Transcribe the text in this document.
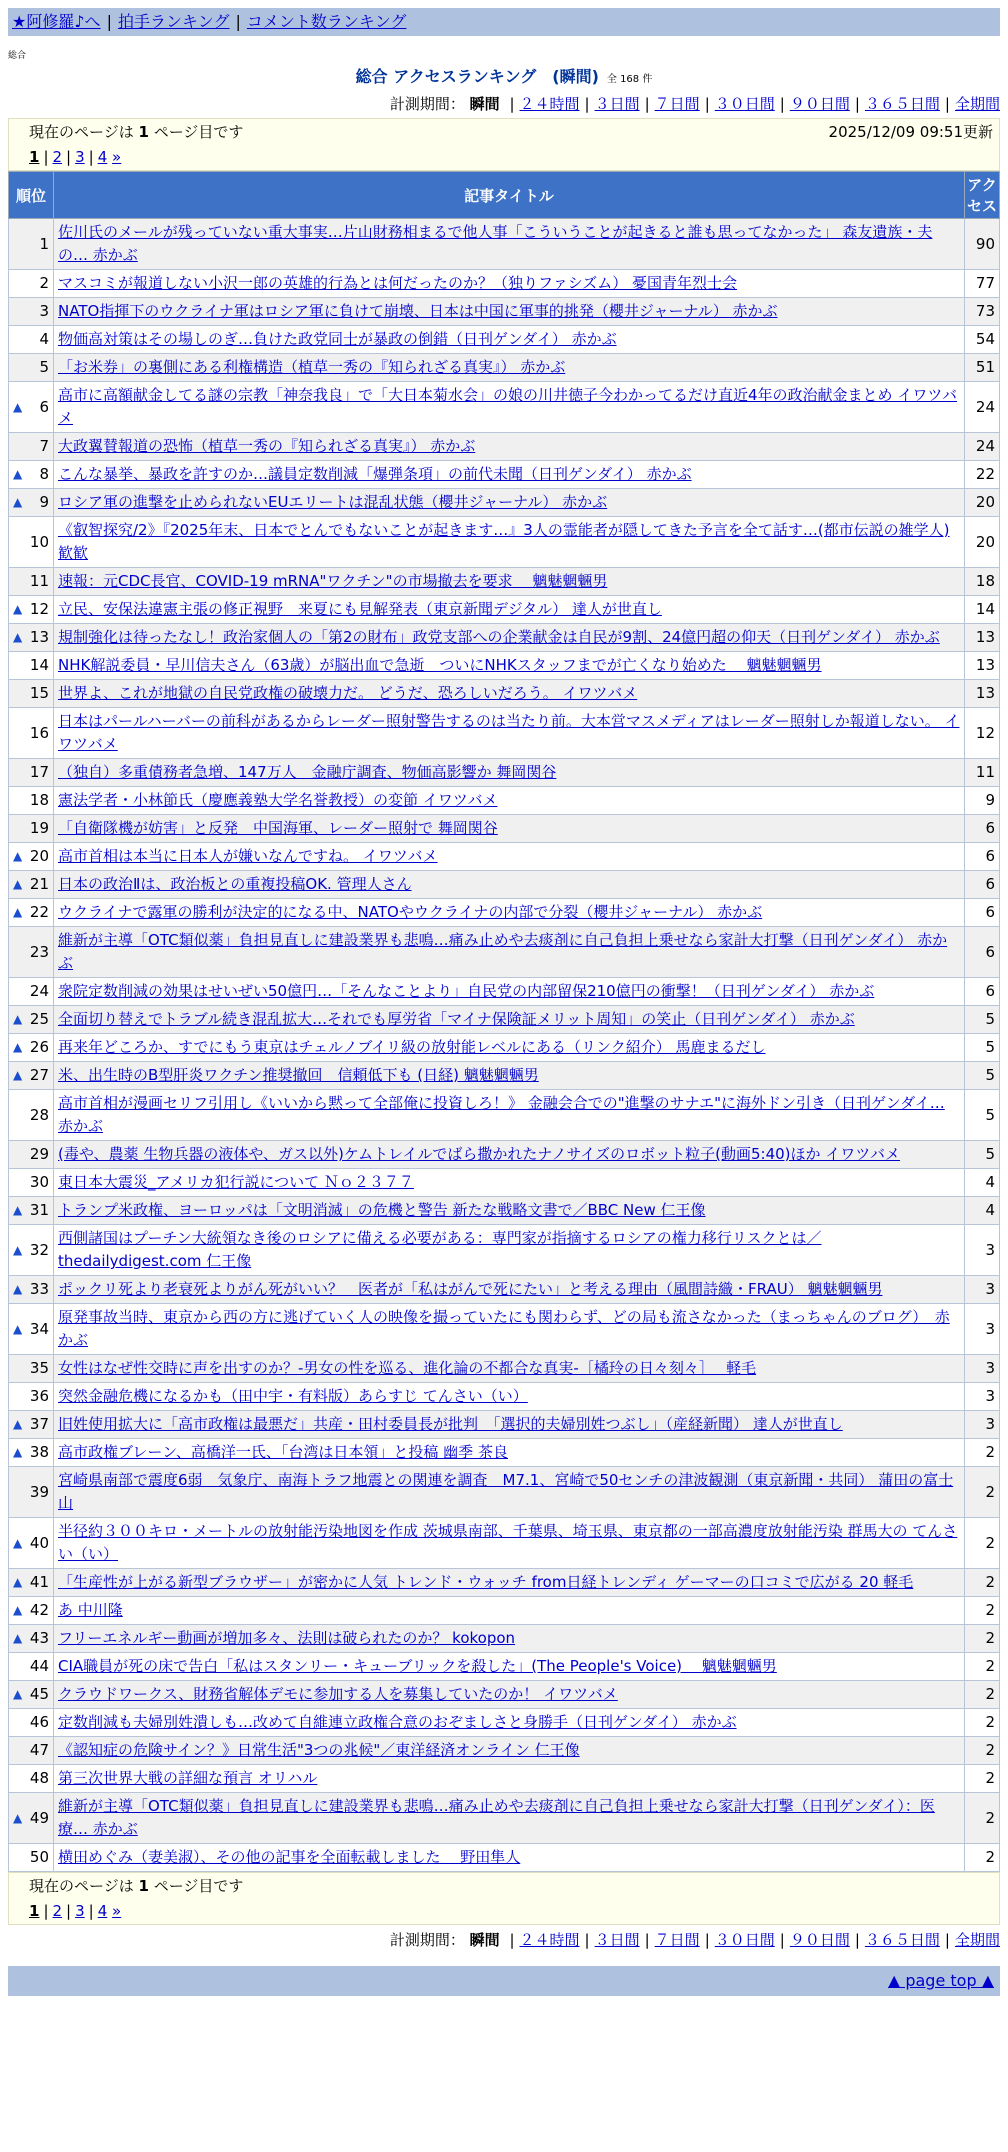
★阿修羅♪へ | 拍手ランキング | コメント数ランキング
総合
総合 アクセスランキング　(瞬間) 全 168 件
計測期間： 瞬間 | ２４時間 | ３日間 | ７日間 | ３０日間 | ９０日間 | ３６５日間 | 全期間
現在のページは 1 ページ目です	2025/12/09 09:51更新
1 | 2 | 3 | 4 »
順位	記事タイトル	アクセス
1	佐川氏のメールが残っていない重大事実…片山財務相まるで他人事「こういうことが起きると誰も思ってなかった」 森友遺族・夫の… 赤かぶ	90
2	マスコミが報道しない小沢一郎の英雄的行為とは何だったのか？（独りファシズム） 憂国青年烈士会	77
3	NATO指揮下のウクライナ軍はロシア軍に負けて崩壊、日本は中国に軍事的挑発（櫻井ジャーナル） 赤かぶ	73
4	物価高対策はその場しのぎ…負けた政党同士が暴政の倒錯（日刊ゲンダイ） 赤かぶ	54
5	「お米券」の裏側にある利権構造（植草一秀の『知られざる真実』） 赤かぶ	51

▲ 6	高市に高額献金してる謎の宗教「神奈我良」で「大日本菊水会」の娘の川井徳子今わかってるだけ直近4年の政治献金まとめ イワツバメ	24
7	大政翼賛報道の恐怖（植草一秀の『知られざる真実』） 赤かぶ	24

▲ 8	こんな暴挙、暴政を許すのか…議員定数削減「爆弾条項」の前代未聞（日刊ゲンダイ） 赤かぶ	22

▲ 9	ロシア軍の進撃を止められないEUエリートは混乱状態（櫻井ジャーナル） 赤かぶ	20
10	《叡智探究/2》『2025年末、日本でとんでもないことが起きます…』3人の霊能者が隠してきた予言を全て話す…(都市伝説の雑学人) 歓歓	20
11	速報：元CDC長官、COVID-19 mRNA"ワクチン"の市場撤去を要求　 魑魅魍魎男	18

▲ 12	立民、安保法違憲主張の修正視野　来夏にも見解発表（東京新聞デジタル） 達人が世直し	14

▲ 13	規制強化は待ったなし！政治家個人の「第2の財布」政党支部への企業献金は自民が9割、24億円超の仰天（日刊ゲンダイ） 赤かぶ	13
14	NHK解説委員・早川信夫さん（63歳）が脳出血で急逝　ついにNHKスタッフまでが亡くなり始めた　 魑魅魍魎男	13
15	世界よ、これが地獄の自民党政権の破壊力だ。 どうだ、恐ろしいだろう。 イワツバメ	13
16	日本はパールハーバーの前科があるからレーダー照射警告するのは当たり前。大本営マスメディアはレーダー照射しか報道しない。 イワツバメ	12
17	（独自）多重債務者急増、147万人　金融庁調査、物価高影響か 舞岡関谷	11
18	憲法学者・小林節氏（慶應義塾大学名誉教授）の変節 イワツバメ	9
19	「自衛隊機が妨害」と反発　中国海軍、レーダー照射で 舞岡関谷	6

▲ 20	高市首相は本当に日本人が嫌いなんですね。 イワツバメ	6

▲ 21	日本の政治Ⅱは、政治板との重複投稿OK. 管理人さん	6

▲ 22	ウクライナで露軍の勝利が決定的になる中、NATOやウクライナの内部で分裂（櫻井ジャーナル） 赤かぶ	6
23	維新が主導「OTC類似薬」負担見直しに建設業界も悲鳴…痛み止めや去痰剤に自己負担上乗せなら家計大打撃（日刊ゲンダイ） 赤かぶ	6
24	衆院定数削減の効果はせいぜい50億円…「そんなことより」自民党の内部留保210億円の衝撃！（日刊ゲンダイ） 赤かぶ	6

▲ 25	全面切り替えでトラブル続き混乱拡大…それでも厚労省「マイナ保険証メリット周知」の笑止（日刊ゲンダイ） 赤かぶ	5

▲ 26	再来年どころか、すでにもう東京はチェルノブイリ級の放射能レベルにある（リンク紹介） 馬鹿まるだし	5

▲ 27	米、出生時のB型肝炎ワクチン推奨撤回　信頼低下も (日経) 魑魅魍魎男	5
28	高市首相が漫画セリフ引用し《いいから黙って全部俺に投資しろ！》 金融会合での"進撃のサナエ"に海外ドン引き（日刊ゲンダイ… 赤かぶ	5
29	(毒や、農薬 生物兵器の液体や、ガス以外)ケムトレイルでばら撒かれたナノサイズのロボット粒子(動画5:40)ほか イワツバメ	5
30	東日本大震災_アメリカ犯行説について Ｎｏ２３７７	4

▲ 31	トランプ米政権、ヨーロッパは「文明消滅」の危機と警告 新たな戦略文書で／BBC New 仁王像	4

▲ 32	西側諸国はプーチン大統領なき後のロシアに備える必要がある：専門家が指摘するロシアの権力移行リスクとは／thedailydigest.com 仁王像	3

▲ 33	ポックリ死より老衰死よりがん死がいい？　医者が「私はがんで死にたい」と考える理由（風間詩織・FRAU） 魑魅魍魎男	3

▲ 34	原発事故当時、東京から西の方に逃げていく人の映像を撮っていたにも関わらず、どの局も流さなかった（まっちゃんのブログ）　赤かぶ	3
35	女性はなぜ性交時に声を出すのか？-男女の性を巡る、進化論の不都合な真実-［橘玲の日々刻々］　 軽毛	3
36	突然金融危機になるかも（田中宇・有料版）あらすじ てんさい（い）	3

▲ 37	旧姓使用拡大に「高市政権は最悪だ」共産・田村委員長が批判　「選択的夫婦別姓つぶし」（産経新聞） 達人が世直し	3

▲ 38	高市政権ブレーン、高橋洋一氏、「台湾は日本領」と投稿 幽季 茶良	2
39	宮崎県南部で震度6弱　気象庁、南海トラフ地震との関連を調査　M7.1、宮崎で50センチの津波観測（東京新聞・共同） 蒲田の富士山	2

▲ 40	半径約３００キロ・メートルの放射能汚染地図を作成 茨城県南部、千葉県、埼玉県、東京都の一部高濃度放射能汚染 群馬大の てんさい（い）	2

▲ 41	「生産性が上がる新型ブラウザー」が密かに人気 トレンド・ウォッチ from日経トレンディ ゲーマーの口コミで広がる 20 軽毛	2

▲ 42	あ 中川隆	2

▲ 43	フリーエネルギー動画が増加多々、法則は破られたのか？ kokopon	2
44	CIA職員が死の床で告白「私はスタンリー・キューブリックを殺した」(The People's Voice)　 魑魅魍魎男	2

▲ 45	クラウドワークス、財務省解体デモに参加する人を募集していたのか！ イワツバメ	2
46	定数削減も夫婦別姓潰しも…改めて自維連立政権合意のおぞましさと身勝手（日刊ゲンダイ） 赤かぶ	2
47	《認知症の危険サイン？》日常生活"3つの兆候"／東洋経済オンライン 仁王像	2
48	第三次世界大戦の詳細な預言 オリハル	2

▲ 49	維新が主導「OTC類似薬」負担見直しに建設業界も悲鳴…痛み止めや去痰剤に自己負担上乗せなら家計大打撃（日刊ゲンダイ）：医療… 赤かぶ	2
50	横田めぐみ（妻美淑）、その他の記事を全面転載しました　 野田隼人	2
現在のページは 1 ページ目です
1 | 2 | 3 | 4 »
計測期間： 瞬間 | ２４時間 | ３日間 | ７日間 | ３０日間 | ９０日間 | ３６５日間 | 全期間
▲ page top ▲
